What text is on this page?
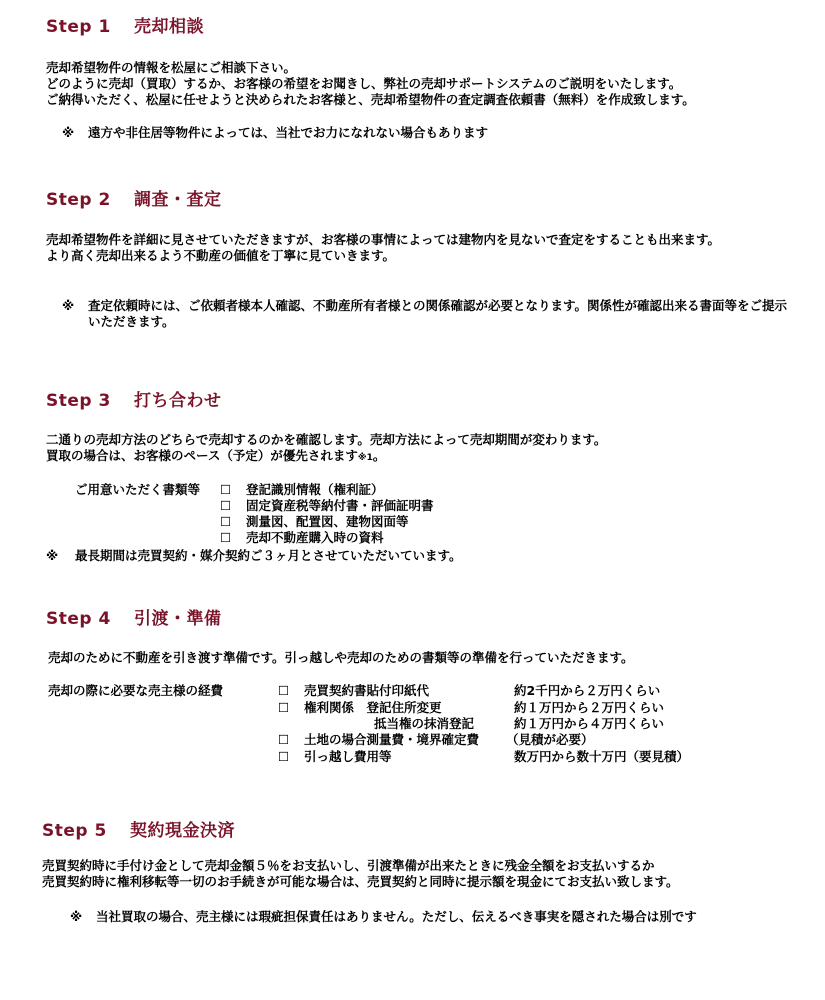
Step 1 売却相談

売却希望物件の情報を松屋にご相談下さい。
どのように売却（買取）するか、お客様の希望をお聞きし、弊社の売却サポートシステムのご説明をいたします。
ご納得いただく、松屋に任せようと決められたお客様と、売却希望物件の査定調査依頼書（無料）を作成致します。

※	遠方や非住居等物件によっては、当社でお力になれない場合もあります
Step 2 調査・査定

売却希望物件を詳細に見させていただきますが、お客様の事情によっては建物内を見ないで査定をすることも出来ます。
より高く売却出来るよう不動産の価値を丁寧に見ていきます。

※	査定依頼時には、ご依頼者様本人確認、不動産所有者様との関係確認が必要となります。関係性が確認出来る書面等をご提示いただきます。
Step 3 打ち合わせ

二通りの売却方法のどちらで売却するのかを確認します。売却方法によって売却期間が変わります。

買取の場合は、お客様のペース（予定）が優先されます※1。

ご用意いただく書類等 ☐ 登記識別情報（権利証）
☐ 固定資産税等納付書・評価証明書
☐ 測量図、配置図、建物図面等
☐ 売却不動産購入時の資料
※ 最長期間は売買契約・媒介契約ご３ヶ月とさせていただいています。
Step 4 引渡・準備

売却のために不動産を引き渡す準備です。引っ越しや売却のための書類等の準備を行っていただきます。

売却の際に必要な売主様の経費	☐ 売買契約書貼付印紙代	約2千円から２万円くらい
☐ 権利関係　登記住所変更	約１万円から２万円くらい
抵当権の抹消登記	約１万円から４万円くらい
☐ 土地の場合測量費・境界確定費 （見積が必要）
☐ 引っ越し費用等	数万円から数十万円（要見積）
Step 5 契約現金決済

売買契約時に手付け金として売却金額５％をお支払いし、引渡準備が出来たときに残金全額をお支払いするか
売買契約時に権利移転等一切のお手続きが可能な場合は、売買契約と同時に提示額を現金にてお支払い致します。

※	当社買取の場合、売主様には瑕疵担保責任はありません。ただし、伝えるべき事実を隠された場合は別です
